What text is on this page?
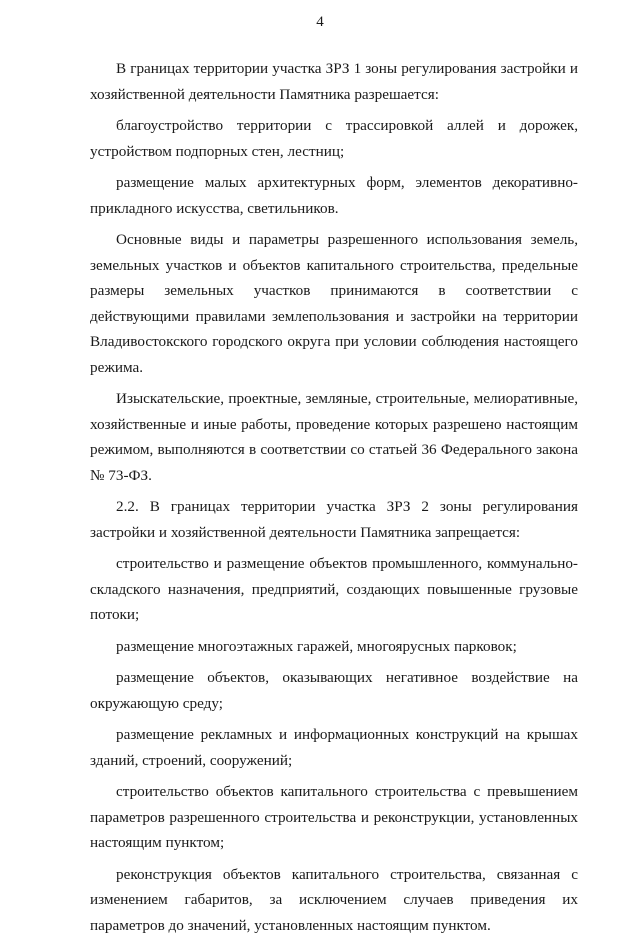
4

В границах территории участка ЗРЗ 1 зоны регулирования застройки и хозяйственной деятельности Памятника разрешается:

благоустройство территории с трассировкой аллей и дорожек, устройством подпорных стен, лестниц;

размещение малых архитектурных форм, элементов декоративно-прикладного искусства, светильников.

Основные виды и параметры разрешенного использования земель, земельных участков и объектов капитального строительства, предельные размеры земельных участков принимаются в соответствии с действующими правилами землепользования и застройки на территории Владивостокского городского округа при условии соблюдения настоящего режима.

Изыскательские, проектные, земляные, строительные, мелиоративные, хозяйственные и иные работы, проведение которых разрешено настоящим режимом, выполняются в соответствии со статьей 36 Федерального закона № 73-ФЗ.

2.2. В границах территории участка ЗРЗ 2 зоны регулирования застройки и хозяйственной деятельности Памятника запрещается:

строительство и размещение объектов промышленного, коммунально-складского назначения, предприятий, создающих повышенные грузовые потоки;

размещение многоэтажных гаражей, многоярусных парковок;

размещение объектов, оказывающих негативное воздействие на окружающую среду;

размещение рекламных и информационных конструкций на крышах зданий, строений, сооружений;

строительство объектов капитального строительства с превышением параметров разрешенного строительства и реконструкции, установленных настоящим пунктом;

реконструкция объектов капитального строительства, связанная с изменением габаритов, за исключением случаев приведения их параметров до значений, установленных настоящим пунктом.
